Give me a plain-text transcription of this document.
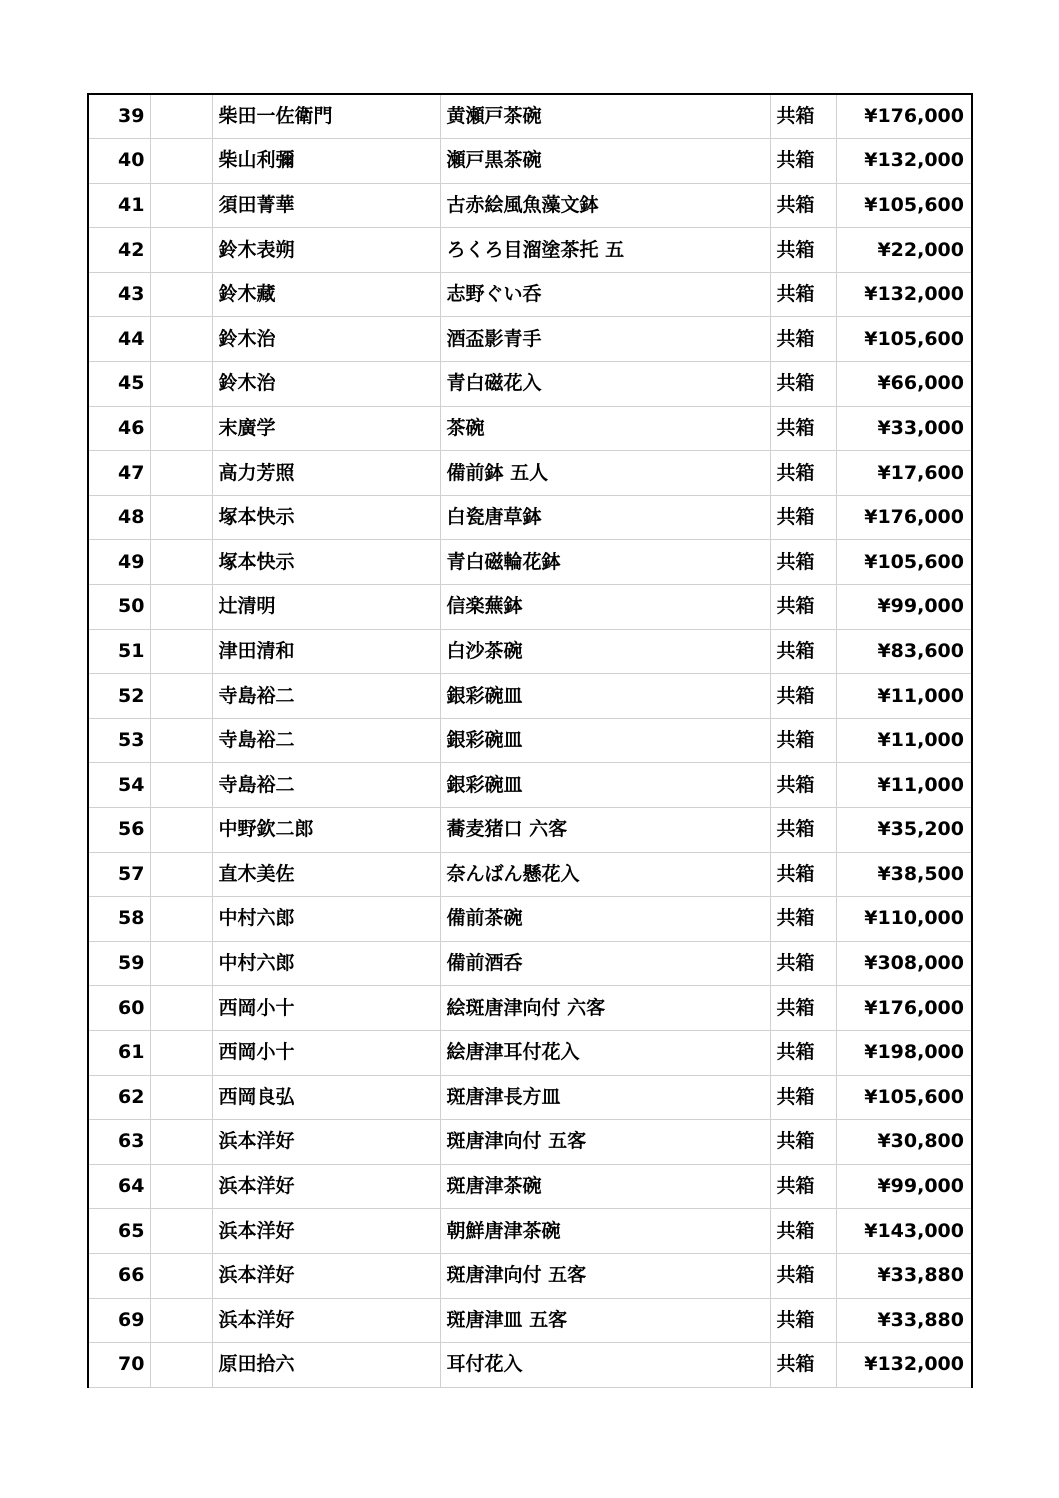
39		柴田一佐衛門	黄瀬戸茶碗	共箱	¥176,000
40		柴山利彌	瀬戸黒茶碗	共箱	¥132,000
41		須田菁華	古赤絵風魚藻文鉢	共箱	¥105,600
42		鈴木表朔	ろくろ目溜塗茶托 五	共箱	¥22,000
43		鈴木藏	志野ぐい呑	共箱	¥132,000
44		鈴木治	酒盃影青手	共箱	¥105,600
45		鈴木治	青白磁花入	共箱	¥66,000
46		末廣学	茶碗	共箱	¥33,000
47		高力芳照	備前鉢 五人	共箱	¥17,600
48		塚本快示	白瓷唐草鉢	共箱	¥176,000
49		塚本快示	青白磁輪花鉢	共箱	¥105,600
50		辻清明	信楽蕪鉢	共箱	¥99,000
51		津田清和	白沙茶碗	共箱	¥83,600
52		寺島裕二	銀彩碗皿	共箱	¥11,000
53		寺島裕二	銀彩碗皿	共箱	¥11,000
54		寺島裕二	銀彩碗皿	共箱	¥11,000
56		中野欽二郎	蕎麦猪口 六客	共箱	¥35,200
57		直木美佐	奈んばん懸花入	共箱	¥38,500
58		中村六郎	備前茶碗	共箱	¥110,000
59		中村六郎	備前酒呑	共箱	¥308,000
60		西岡小十	絵斑唐津向付 六客	共箱	¥176,000
61		西岡小十	絵唐津耳付花入	共箱	¥198,000
62		西岡良弘	斑唐津長方皿	共箱	¥105,600
63		浜本洋好	斑唐津向付 五客	共箱	¥30,800
64		浜本洋好	斑唐津茶碗	共箱	¥99,000
65		浜本洋好	朝鮮唐津茶碗	共箱	¥143,000
66		浜本洋好	斑唐津向付 五客	共箱	¥33,880
69		浜本洋好	斑唐津皿 五客	共箱	¥33,880
70		原田拾六	耳付花入	共箱	¥132,000
